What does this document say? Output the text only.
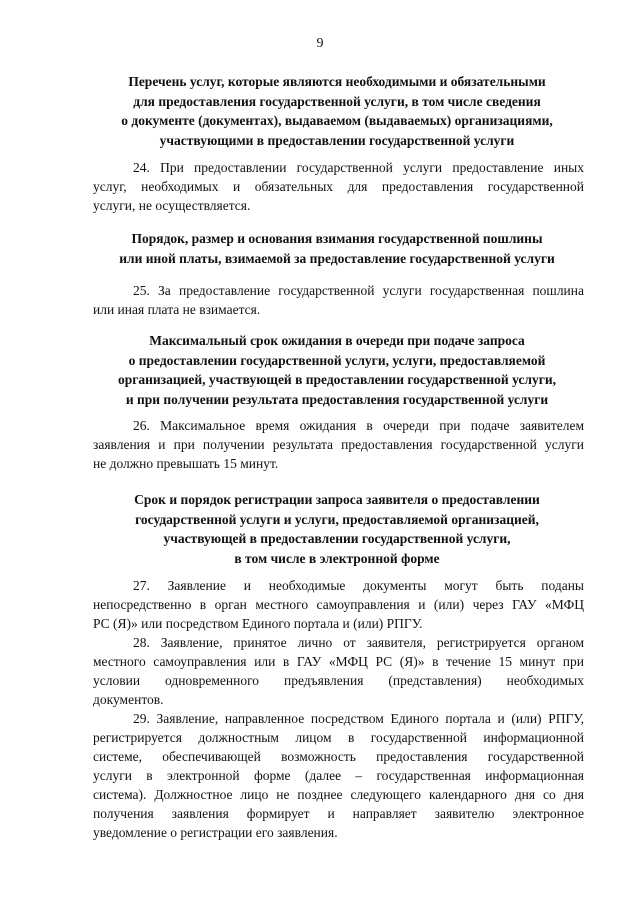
9
Перечень услуг, которые являются необходимыми и обязательными
для предоставления государственной услуги, в том числе сведения
о документе (документах), выдаваемом (выдаваемых) организациями,
участвующими в предоставлении государственной услуги
24. При предоставлении государственной услуги предоставление иных
услуг, необходимых и обязательных для предоставления государственной
услуги, не осуществляется.
Порядок, размер и основания взимания государственной пошлины
или иной платы, взимаемой за предоставление государственной услуги
25. За предоставление государственной услуги государственная пошлина
или иная плата не взимается.
Максимальный срок ожидания в очереди при подаче запроса
о предоставлении государственной услуги, услуги, предоставляемой
организацией, участвующей в предоставлении государственной услуги,
и при получении результата предоставления государственной услуги
26. Максимальное время ожидания в очереди при подаче заявителем
заявления и при получении результата предоставления государственной услуги
не должно превышать 15 минут.
Срок и порядок регистрации запроса заявителя о предоставлении
государственной услуги и услуги, предоставляемой организацией,
участвующей в предоставлении государственной услуги,
в том числе в электронной форме
27. Заявление и необходимые документы могут быть поданы
непосредственно в орган местного самоуправления и (или) через ГАУ «МФЦ
РС (Я)» или посредством Единого портала и (или) РПГУ.
28. Заявление, принятое лично от заявителя, регистрируется органом
местного самоуправления или в ГАУ «МФЦ РС (Я)» в течение 15 минут при
условии одновременного предъявления (представления) необходимых
документов.
29. Заявление, направленное посредством Единого портала и (или) РПГУ,
регистрируется должностным лицом в государственной информационной
системе, обеспечивающей возможность предоставления государственной
услуги в электронной форме (далее – государственная информационная
система). Должностное лицо не позднее следующего календарного дня со дня
получения заявления формирует и направляет заявителю электронное
уведомление о регистрации его заявления.
